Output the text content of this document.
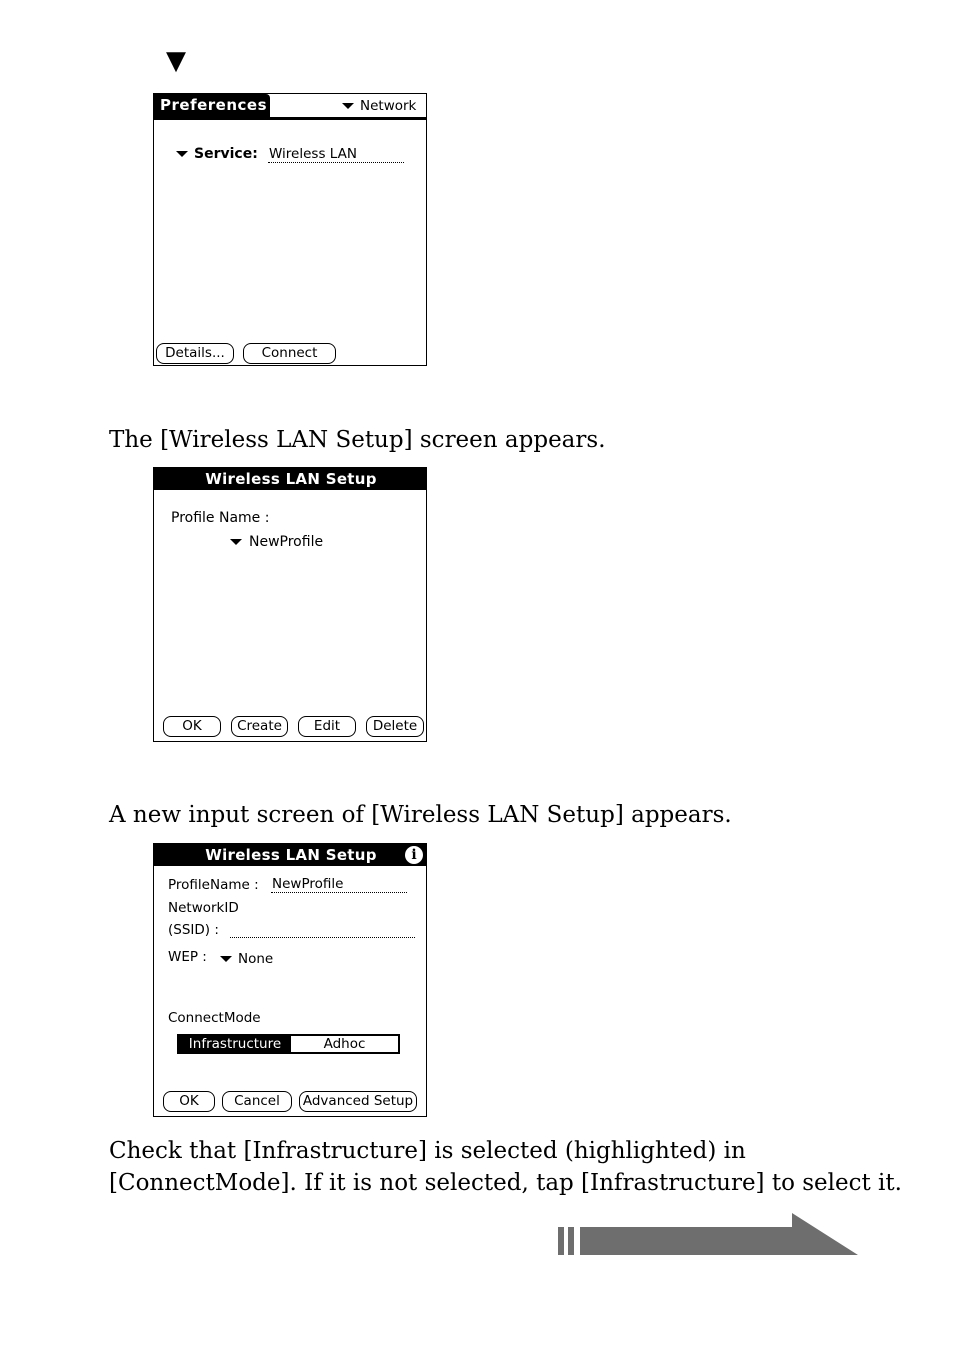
▼
Preferences	Network
Service: Wireless LAN
Details...	Connect
The [Wireless LAN Setup] screen appears.
Wireless LAN Setup
Profile Name :
NewProfile
OK	Create	Edit	Delete
A new input screen of [Wireless LAN Setup] appears.
Wireless LAN Setup	i
ProfileName : NewProfile
NetworkID
(SSID) :
WEP :	None
ConnectMode
Infrastructure	Adhoc
OK	Cancel	Advanced Setup
Check that [Infrastructure] is selected (highlighted) in
[ConnectMode]. If it is not selected, tap [Infrastructure] to select it.
